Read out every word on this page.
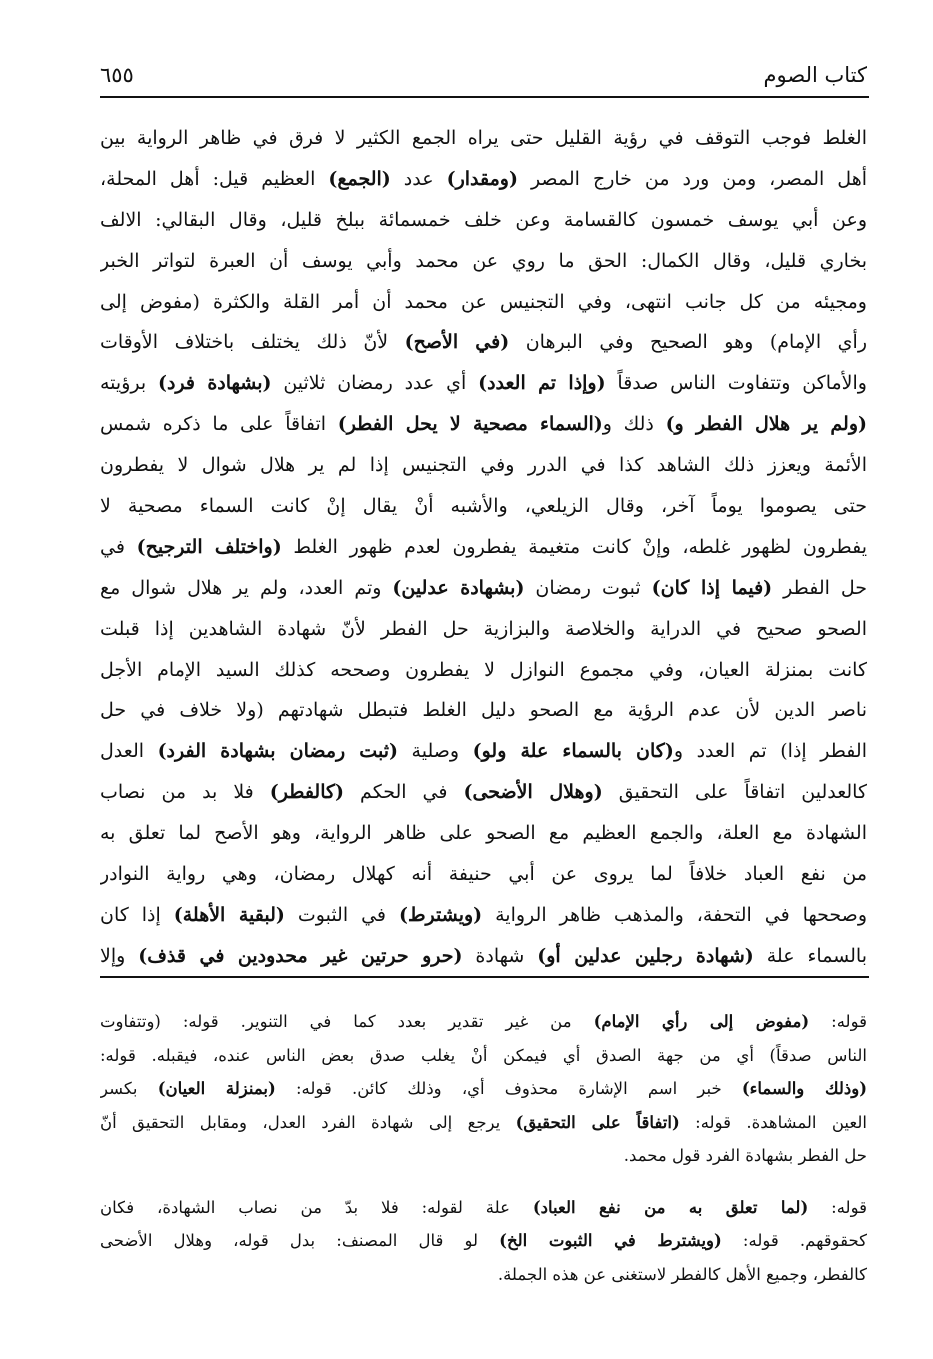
كتاب الصوم
٦٥٥
الغلط فوجب التوقف في رؤية القليل حتى يراه الجمع الكثير لا فرق في ظاهر الرواية بين
أهل المصر، ومن ورد من خارج المصر (ومقدار) عدد (الجمع) العظيم قيل: أهل المحلة،
وعن أبي يوسف خمسون كالقسامة وعن خلف خمسمائة ببلخ قليل، وقال البقالي: الالف
بخاري قليل، وقال الكمال: الحق ما روي عن محمد وأبي يوسف أن العبرة لتواتر الخبر
ومجيئه من كل جانب انتهى، وفي التجنيس عن محمد أن أمر القلة والكثرة (مفوض إلى
رأي الإمام) وهو الصحيح وفي البرهان (في الأصح) لأنّ ذلك يختلف باختلاف الأوقات
والأماكن وتتفاوت الناس صدقاً (وإذا تم العدد) أي عدد رمضان ثلاثين (بشهادة فرد) برؤيته
(ولم ير هلال الفطر و) ذلك و(السماء مصحية لا يحل الفطر) اتفاقاً على ما ذكره شمس
الأئمة ويعزز ذلك الشاهد كذا في الدرر وفي التجنيس إذا لم ير هلال شوال لا يفطرون
حتى يصوموا يوماً آخر، وقال الزيلعي، والأشبه أنْ يقال إنْ كانت السماء مصحية لا
يفطرون لظهور غلطه، وإنْ كانت متغيمة يفطرون لعدم ظهور الغلط (واختلف الترجيح) في
حل الفطر (فيما إذا كان) ثبوت رمضان (بشهادة عدلين) وتم العدد، ولم ير هلال شوال مع
الصحو صحيح في الدراية والخلاصة والبزازية حل الفطر لأنّ شهادة الشاهدين إذا قبلت
كانت بمنزلة العيان، وفي مجموع النوازل لا يفطرون وصححه كذلك السيد الإمام الأجل
ناصر الدين لأن عدم الرؤية مع الصحو دليل الغلط فتبطل شهادتهم (ولا خلاف في حل
الفطر إذا) تم العدد و(كان بالسماء علة ولو) وصلية (ثبت رمضان بشهادة الفرد) العدل
كالعدلين اتفاقاً على التحقيق (وهلال الأضحى) في الحكم (كالفطر) فلا بد من نصاب
الشهادة مع العلة، والجمع العظيم مع الصحو على ظاهر الرواية، وهو الأصح لما تعلق به
من نفع العباد خلافاً لما يروى عن أبي حنيفة أنه كهلال رمضان، وهي رواية النوادر
وصححها في التحفة، والمذهب ظاهر الرواية (ويشترط) في الثبوت (لبقية الأهلة) إذا كان
بالسماء علة (شهادة رجلين عدلين أو) شهادة (حرو حرتين غير محدودين في قذف) وإلا
قوله: (مفوض إلى رأي الإمام) من غير تقدير بعدد كما في التنوير. قوله: (وتتفاوت
الناس صدقاً) أي من جهة الصدق أي فيمكن أنْ يغلب صدق بعض الناس عنده، فيقبله. قوله:
(وذلك والسماء) خبر اسم الإشارة محذوف أي، وذلك كائن. قوله: (بمنزلة العيان) بكسر
العين المشاهدة. قوله: (اتفاقاً على التحقيق) يرجع إلى شهادة الفرد العدل، ومقابل التحقيق أنّ
حل الفطر بشهادة الفرد قول محمد.
قوله: (لما تعلق به من نفع العباد) علة لقوله: فلا بدّ من نصاب الشهادة، فكان
كحقوقهم. قوله: (ويشترط في الثبوت الخ) لو قال المصنف: بدل قوله، وهلال الأضحى
كالفطر، وجميع الأهل كالفطر لاستغنى عن هذه الجملة.
